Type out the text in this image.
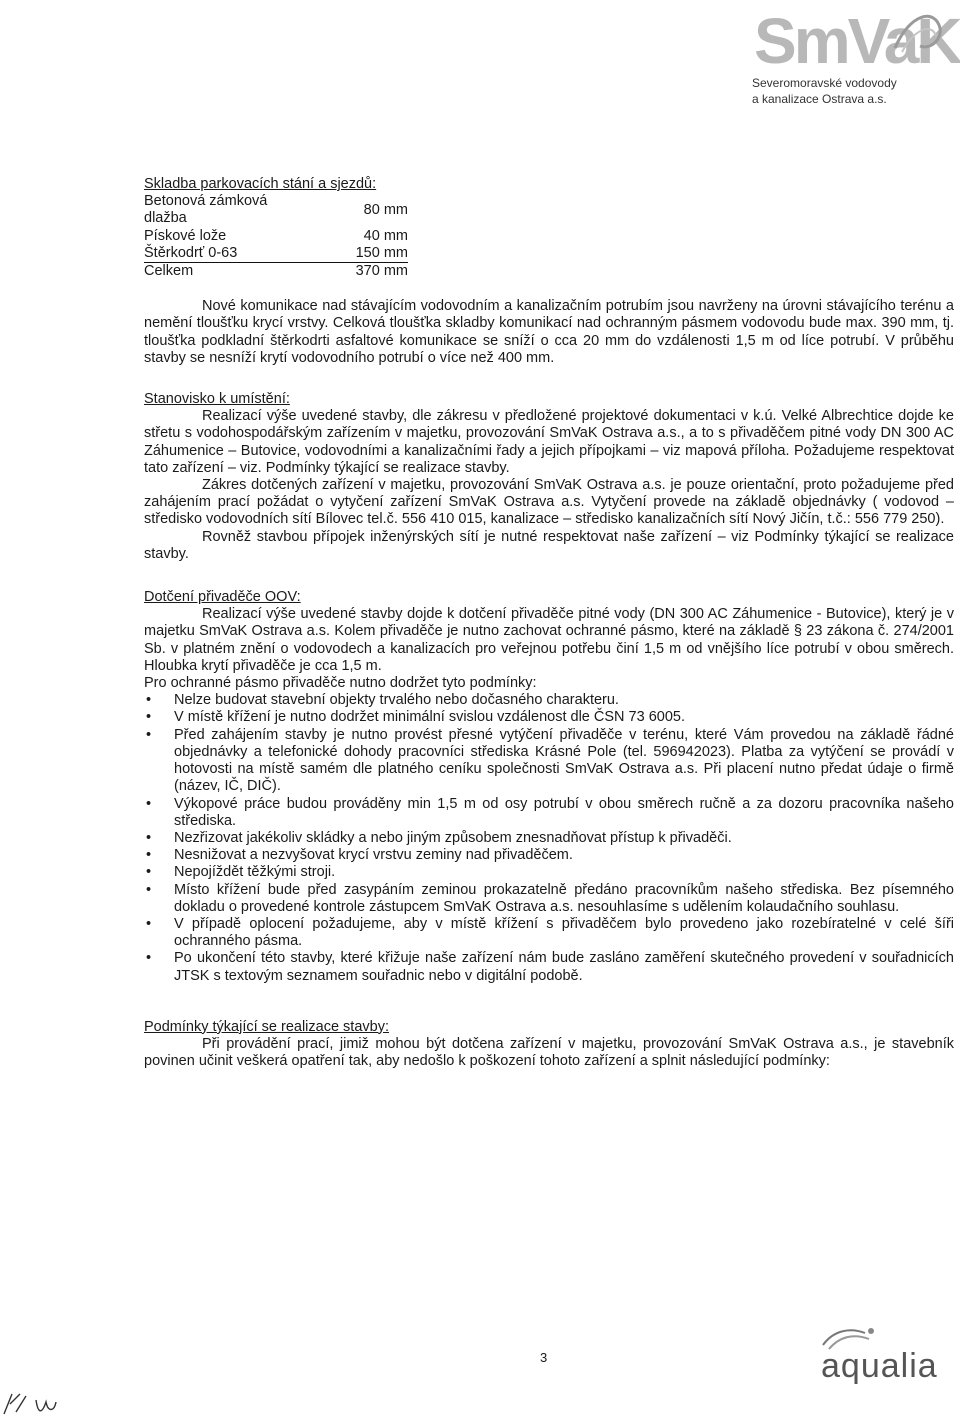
SmVaK
Severomoravské vodovody
a kanalizace Ostrava a.s.

Skladba parkovacích stání a sjezdů:

Betonová zámková dlažba	80 mm
Pískové lože	40 mm
Štěrkodrť 0-63	150 mm
Celkem	370 mm

Nové komunikace nad stávajícím vodovodním a kanalizačním potrubím jsou navrženy na úrovni stávajícího terénu a nemění tloušťku krycí vrstvy. Celková tloušťka skladby komunikací nad ochranným pásmem vodovodu bude max. 390 mm, tj. tloušťka podkladní štěrkodrti asfaltové komunikace se sníží o cca 20 mm do vzdálenosti 1,5 m od líce potrubí. V průběhu stavby se nesníží krytí vodovodního potrubí o více než 400 mm.

Stanovisko k umístění:

Realizací výše uvedené stavby, dle zákresu v předložené projektové dokumentaci v k.ú. Velké Albrechtice dojde ke střetu s vodohospodářským zařízením v majetku, provozování SmVaK Ostrava a.s., a to s přivaděčem pitné vody DN 300 AC Záhumenice – Butovice, vodovodními a kanalizačními řady a jejich přípojkami – viz mapová příloha. Požadujeme respektovat tato zařízení – viz. Podmínky týkající se realizace stavby.

Zákres dotčených zařízení v majetku, provozování SmVaK Ostrava a.s. je pouze orientační, proto požadujeme před zahájením prací požádat o vytyčení zařízení SmVaK Ostrava a.s. Vytyčení provede na základě objednávky ( vodovod – středisko vodovodních sítí Bílovec tel.č. 556 410 015, kanalizace – středisko kanalizačních sítí Nový Jičín, t.č.: 556 779 250).

Rovněž stavbou přípojek inženýrských sítí je nutné respektovat naše zařízení – viz Podmínky týkající se realizace stavby.

Dotčení přivaděče OOV:

Realizací výše uvedené stavby dojde k dotčení přivaděče pitné vody (DN 300 AC Záhumenice - Butovice), který je v majetku SmVaK Ostrava a.s. Kolem přivaděče je nutno zachovat ochranné pásmo, které na základě § 23 zákona č. 274/2001 Sb. v platném znění o vodovodech a kanalizacích pro veřejnou potřebu činí 1,5 m od vnějšího líce potrubí v obou směrech. Hloubka krytí přivaděče je cca 1,5 m.

Pro ochranné pásmo přivaděče nutno dodržet tyto podmínky:

• Nelze budovat stavební objekty trvalého nebo dočasného charakteru.
• V místě křížení je nutno dodržet minimální svislou vzdálenost dle ČSN 73 6005.
• Před zahájením stavby je nutno provést přesné vytýčení přivaděče v terénu, které Vám provedou na základě řádné objednávky a telefonické dohody pracovníci střediska Krásné Pole (tel. 596942023). Platba za vytýčení se provádí v hotovosti na místě samém dle platného ceníku společnosti SmVaK Ostrava a.s. Při placení nutno předat údaje o firmě (název, IČ, DIČ).
• Výkopové práce budou prováděny min 1,5 m od osy potrubí v obou směrech ručně a za dozoru pracovníka našeho střediska.
• Nezřizovat jakékoliv skládky a nebo jiným způsobem znesnadňovat přístup k přivaděči.
• Nesnižovat a nezvyšovat krycí vrstvu zeminy nad přivaděčem.
• Nepojíždět těžkými stroji.
• Místo křížení bude před zasypáním zeminou prokazatelně předáno pracovníkům našeho střediska. Bez písemného dokladu o provedené kontrole zástupcem SmVaK Ostrava a.s. nesouhlasíme s udělením kolaudačního souhlasu.
• V případě oplocení požadujeme, aby v místě křížení s přivaděčem bylo provedeno jako rozebíratelné v celé šíři ochranného pásma.
• Po ukončení této stavby, které křižuje naše zařízení nám bude zasláno zaměření skutečného provedení v souřadnicích JTSK s textovým seznamem souřadnic nebo v digitální podobě.

Podmínky týkající se realizace stavby:

Při provádění prací, jimiž mohou být dotčena zařízení v majetku, provozování SmVaK Ostrava a.s., je stavebník povinen učinit veškerá opatření tak, aby nedošlo k poškození tohoto zařízení a splnit následující podmínky:

3	aqualia
